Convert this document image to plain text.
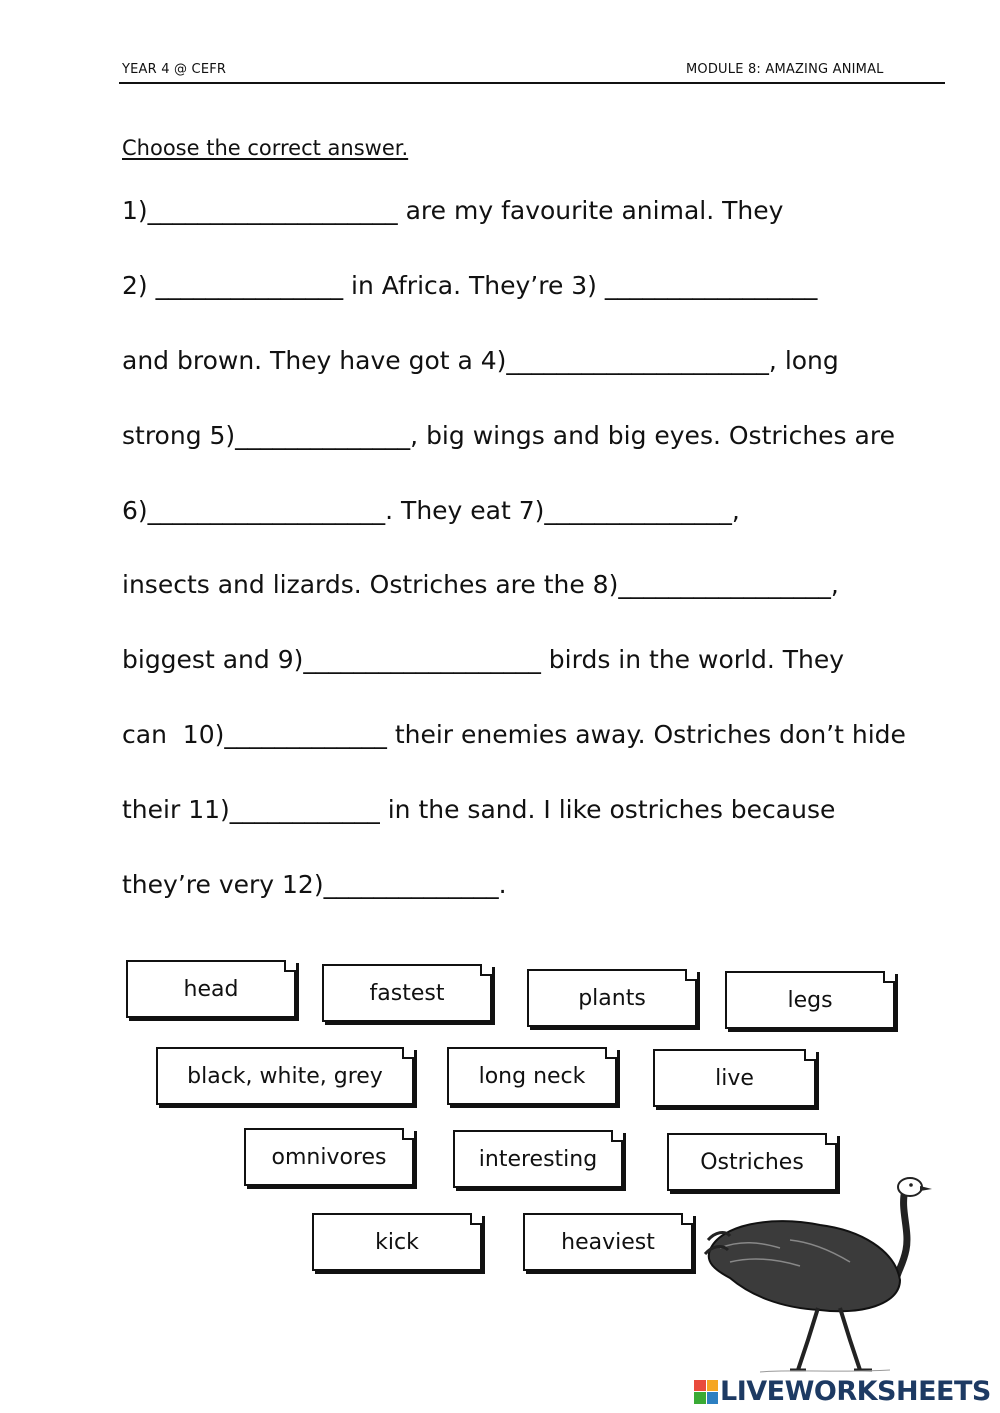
YEAR 4 @ CEFR	MODULE 8: AMAZING ANIMAL
Choose the correct answer.
1)____________________ are my favourite animal. They
2) _______________ in Africa. They’re 3) _________________
and brown. They have got a 4)_____________________, long
strong 5)______________, big wings and big eyes. Ostriches are
6)___________________. They eat 7)_______________,
insects and lizards. Ostriches are the 8)_________________,
biggest and 9)___________________ birds in the world. They
can  10)_____________ their enemies away. Ostriches don’t hide
their 11)____________ in the sand. I like ostriches because
they’re very 12)______________.
head	fastest	plants	legs
black, white, grey	long neck	live
omnivores	interesting	Ostriches
kick	heaviest
LIVEWORKSHEETS
